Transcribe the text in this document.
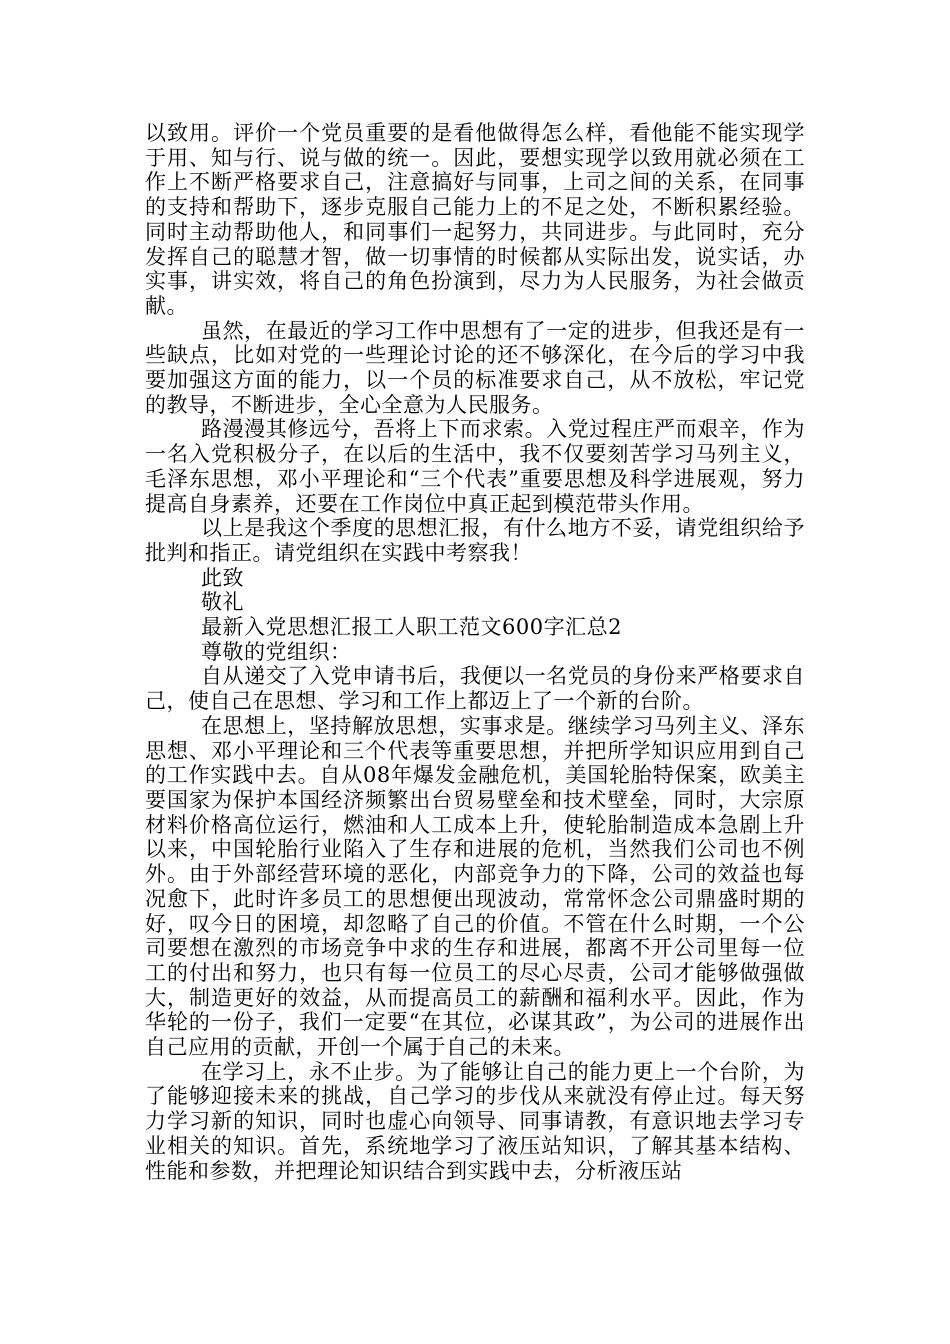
以致用。评价一个党员重要的是看他做得怎么样，看他能不能实现学于用、知与行、说与做的统一。因此，要想实现学以致用就必须在工作上不断严格要求自己，注意搞好与同事，上司之间的关系，在同事的支持和帮助下，逐步克服自己能力上的不足之处，不断积累经验。同时主动帮助他人，和同事们一起努力，共同进步。与此同时，充分发挥自己的聪慧才智，做一切事情的时候都从实际出发，说实话，办实事，讲实效，将自己的角色扮演到，尽力为人民服务，为社会做贡献。

虽然，在最近的学习工作中思想有了一定的进步，但我还是有一些缺点，比如对党的一些理论讨论的还不够深化，在今后的学习中我要加强这方面的能力，以一个员的标准要求自己，从不放松，牢记党的教导，不断进步，全心全意为人民服务。

路漫漫其修远兮，吾将上下而求索。入党过程庄严而艰辛，作为一名入党积极分子，在以后的生活中，我不仅要刻苦学习马列主义，毛泽东思想，邓小平理论和“三个代表”重要思想及科学进展观，努力提高自身素养，还要在工作岗位中真正起到模范带头作用。

以上是我这个季度的思想汇报，有什么地方不妥，请党组织给予批判和指正。请党组织在实践中考察我！

此致

敬礼

最新入党思想汇报工人职工范文600字汇总2

尊敬的党组织：

自从递交了入党申请书后，我便以一名党员的身份来严格要求自己，使自己在思想、学习和工作上都迈上了一个新的台阶。

在思想上，坚持解放思想，实事求是。继续学习马列主义、泽东思想、邓小平理论和三个代表等重要思想，并把所学知识应用到自己的工作实践中去。自从08年爆发金融危机，美国轮胎特保案，欧美主要国家为保护本国经济频繁出台贸易壁垒和技术壁垒，同时，大宗原材料价格高位运行，燃油和人工成本上升，使轮胎制造成本急剧上升以来，中国轮胎行业陷入了生存和进展的危机，当然我们公司也不例外。由于外部经营环境的恶化，内部竞争力的下降，公司的效益也每况愈下，此时许多员工的思想便出现波动，常常怀念公司鼎盛时期的好，叹今日的困境，却忽略了自己的价值。不管在什么时期，一个公司要想在激烈的市场竞争中求的生存和进展，都离不开公司里每一位工的付出和努力，也只有每一位员工的尽心尽责，公司才能够做强做大，制造更好的效益，从而提高员工的薪酬和福利水平。因此，作为华轮的一份子，我们一定要“在其位，必谋其政”，为公司的进展作出自己应用的贡献，开创一个属于自己的未来。

在学习上，永不止步。为了能够让自己的能力更上一个台阶，为了能够迎接未来的挑战，自己学习的步伐从来就没有停止过。每天努力学习新的知识，同时也虚心向领导、同事请教，有意识地去学习专业相关的知识。首先，系统地学习了液压站知识，了解其基本结构、性能和参数，并把理论知识结合到实践中去，分析液压站
